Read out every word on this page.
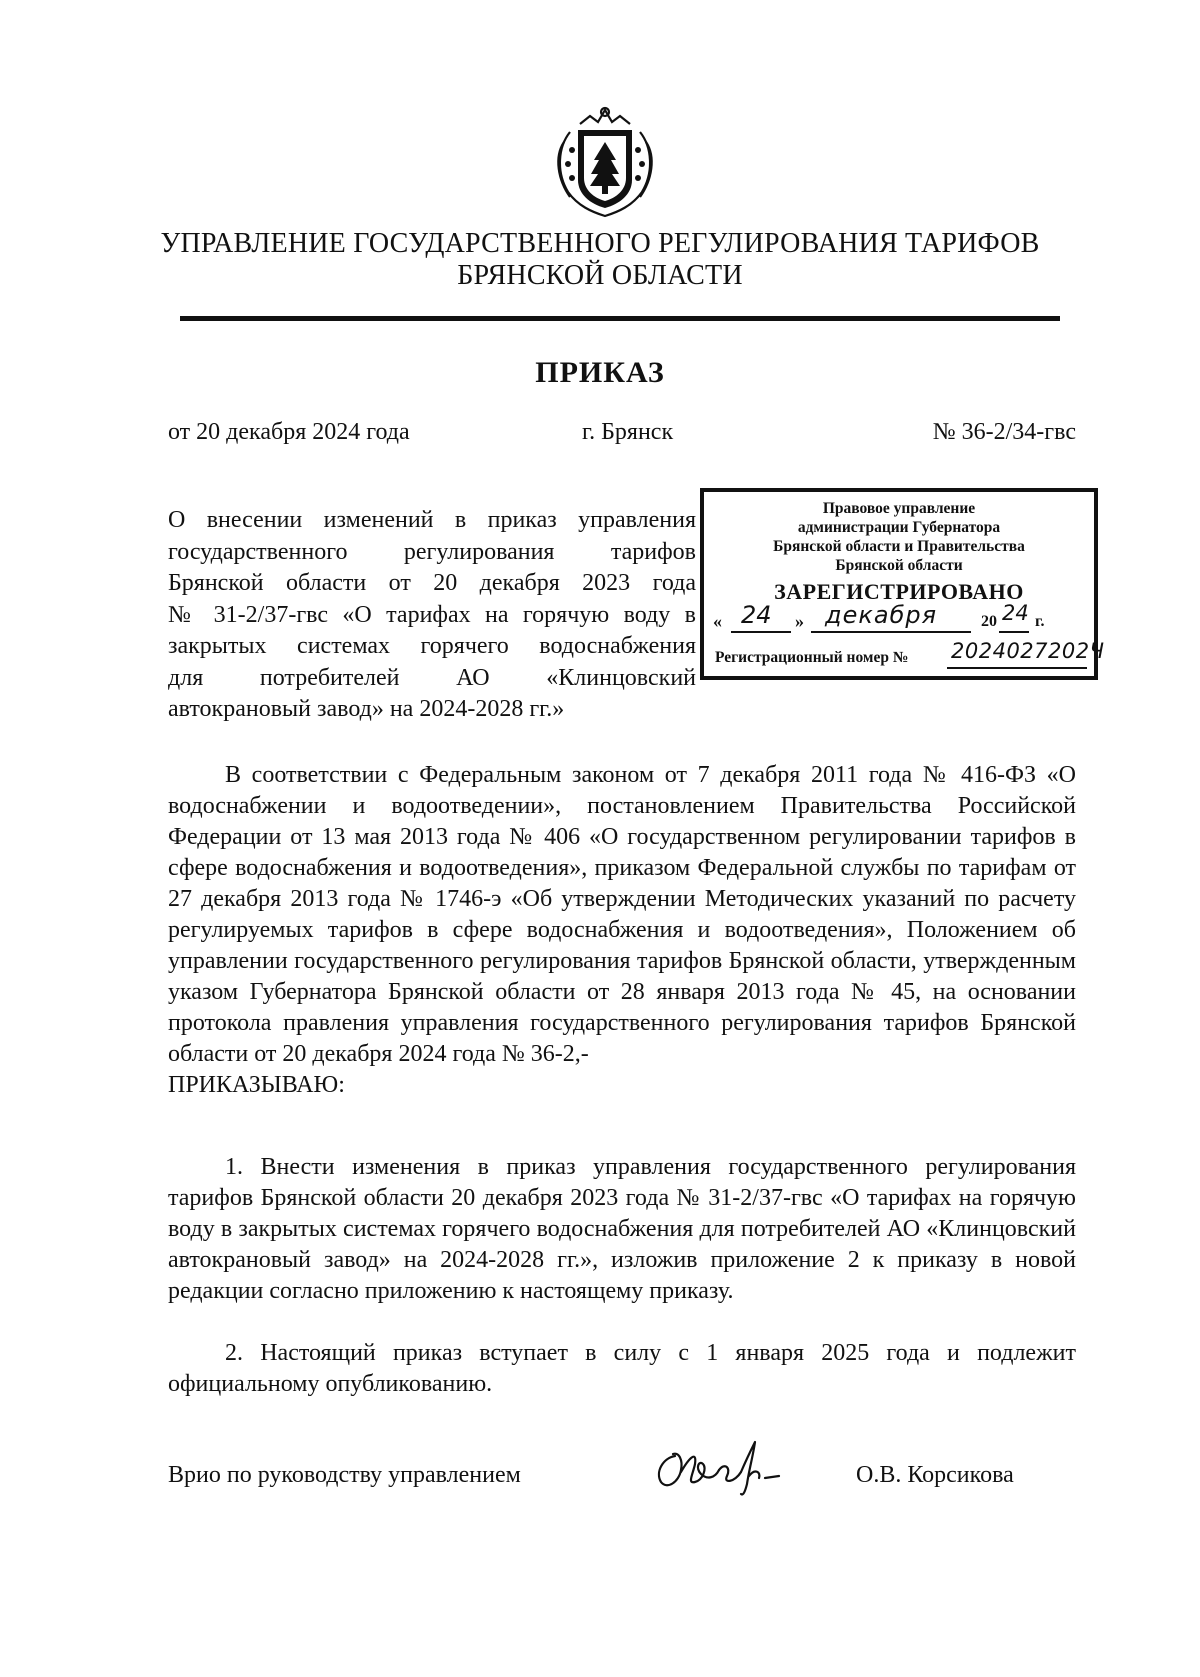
УПРАВЛЕНИЕ ГОСУДАРСТВЕННОГО РЕГУЛИРОВАНИЯ ТАРИФОВ
БРЯНСКОЙ ОБЛАСТИ
ПРИКАЗ
от 20 декабря 2024 года	г. Брянск	№ 36-2/34-гвс
О внесении изменений в приказ управления
государственного регулирования тарифов
Брянской области от 20 декабря 2023 года
№ 31-2/37-гвс «О тарифах на горячую воду в
закрытых системах горячего водоснабжения
для потребителей АО «Клинцовский
автокрановый завод» на 2024-2028 гг.»
Правовое управление
администрации Губернатора
Брянской области и Правительства
Брянской области
ЗАРЕГИСТРИРОВАНО
« 24 » декабря	20 24 г.
Регистрационный номер № 2024027202Ч
В соответствии с Федеральным законом от 7 декабря 2011 года № 416-ФЗ «О водоснабжении и водоотведении», постановлением Правительства Российской Федерации от 13 мая 2013 года № 406 «О государственном регулировании тарифов в сфере водоснабжения и водоотведения», приказом Федеральной службы по тарифам от 27 декабря 2013 года № 1746-э «Об утверждении Методических указаний по расчету регулируемых тарифов в сфере водоснабжения и водоотведения», Положением об управлении государственного регулирования тарифов Брянской области, утвержденным указом Губернатора Брянской области от 28 января 2013 года № 45, на основании протокола правления управления государственного регулирования тарифов Брянской области от 20 декабря 2024 года № 36-2,-
ПРИКАЗЫВАЮ:
1. Внести изменения в приказ управления государственного регулирования тарифов Брянской области 20 декабря 2023 года № 31-2/37-гвс «О тарифах на горячую воду в закрытых системах горячего водоснабжения для потребителей АО «Клинцовский автокрановый завод» на 2024-2028 гг.», изложив приложение 2 к приказу в новой редакции согласно приложению к настоящему приказу.
2. Настоящий приказ вступает в силу с 1 января 2025 года и подлежит официальному опубликованию.
Врио по руководству управлением	О.В. Корсикова
